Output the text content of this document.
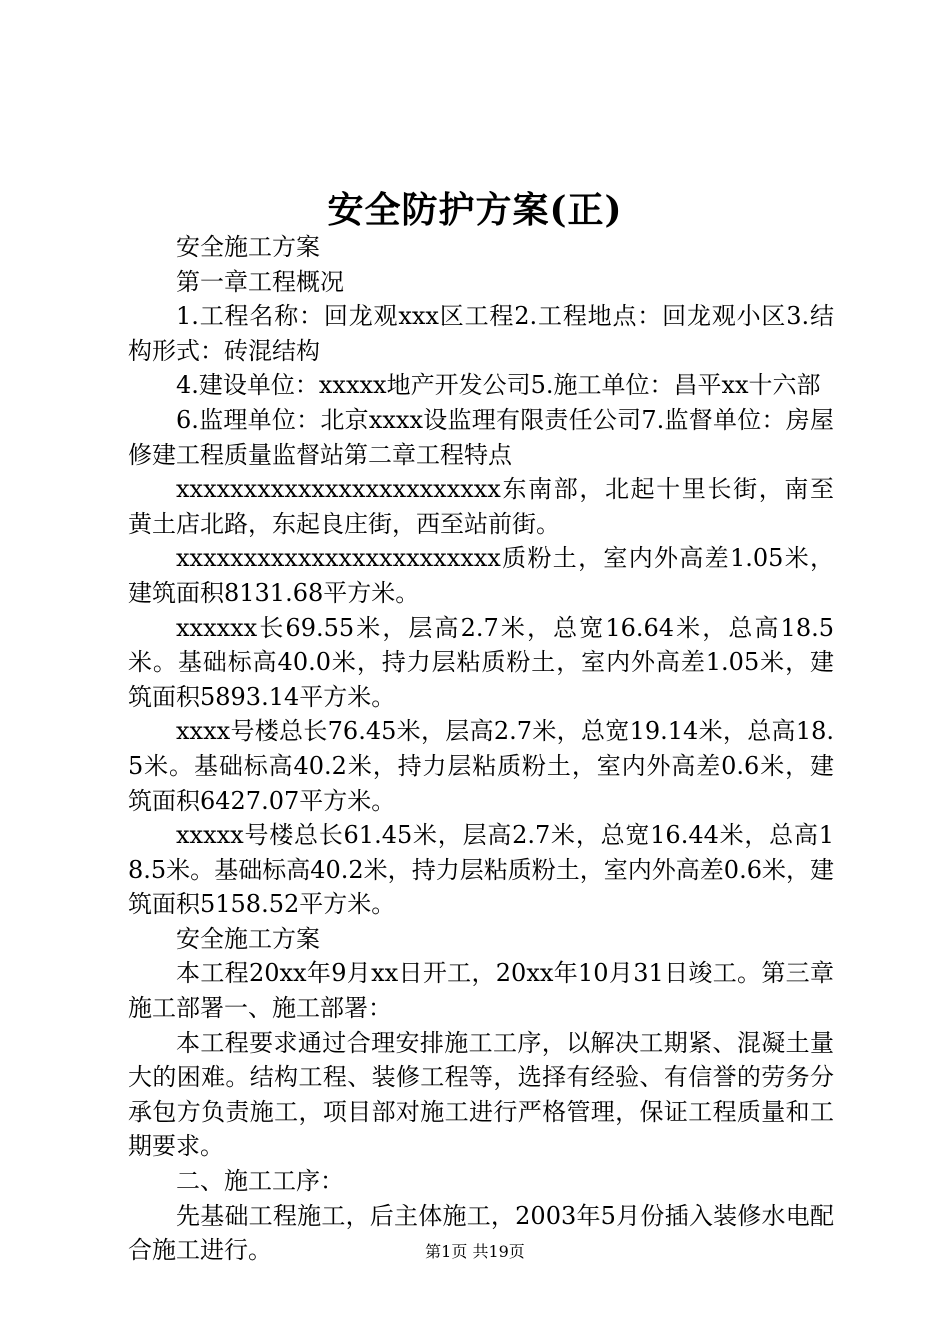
安全防护方案(正)

安全施工方案

第一章工程概况

1.工程名称：回龙观xxx区工程2.工程地点：回龙观小区3.结构形式：砖混结构

4.建设单位：xxxxx地产开发公司5.施工单位：昌平xx十六部

6.监理单位：北京xxxx设监理有限责任公司7.监督单位：房屋修建工程质量监督站第二章工程特点

xxxxxxxxxxxxxxxxxxxxxxxx东南部，北起十里长街，南至黄土店北路，东起良庄街，西至站前街。

xxxxxxxxxxxxxxxxxxxxxxxx质粉土，室内外高差1.05米，建筑面积8131.68平方米。

xxxxxx长69.55米，层高2.7米，总宽16.64米，总高18.5米。基础标高40.0米，持力层粘质粉土，室内外高差1.05米，建筑面积5893.14平方米。

xxxx号楼总长76.45米，层高2.7米，总宽19.14米，总高18.5米。基础标高40.2米，持力层粘质粉土，室内外高差0.6米，建筑面积6427.07平方米。

xxxxx号楼总长61.45米，层高2.7米，总宽16.44米，总高18.5米。基础标高40.2米，持力层粘质粉土，室内外高差0.6米，建筑面积5158.52平方米。

安全施工方案

本工程20xx年9月xx日开工，20xx年10月31日竣工。第三章施工部署一、施工部署：

本工程要求通过合理安排施工工序，以解决工期紧、混凝土量大的困难。结构工程、装修工程等，选择有经验、有信誉的劳务分承包方负责施工，项目部对施工进行严格管理，保证工程质量和工期要求。

二、施工工序：

先基础工程施工，后主体施工，2003年5月份插入装修水电配合施工进行。	第1页 共19页
